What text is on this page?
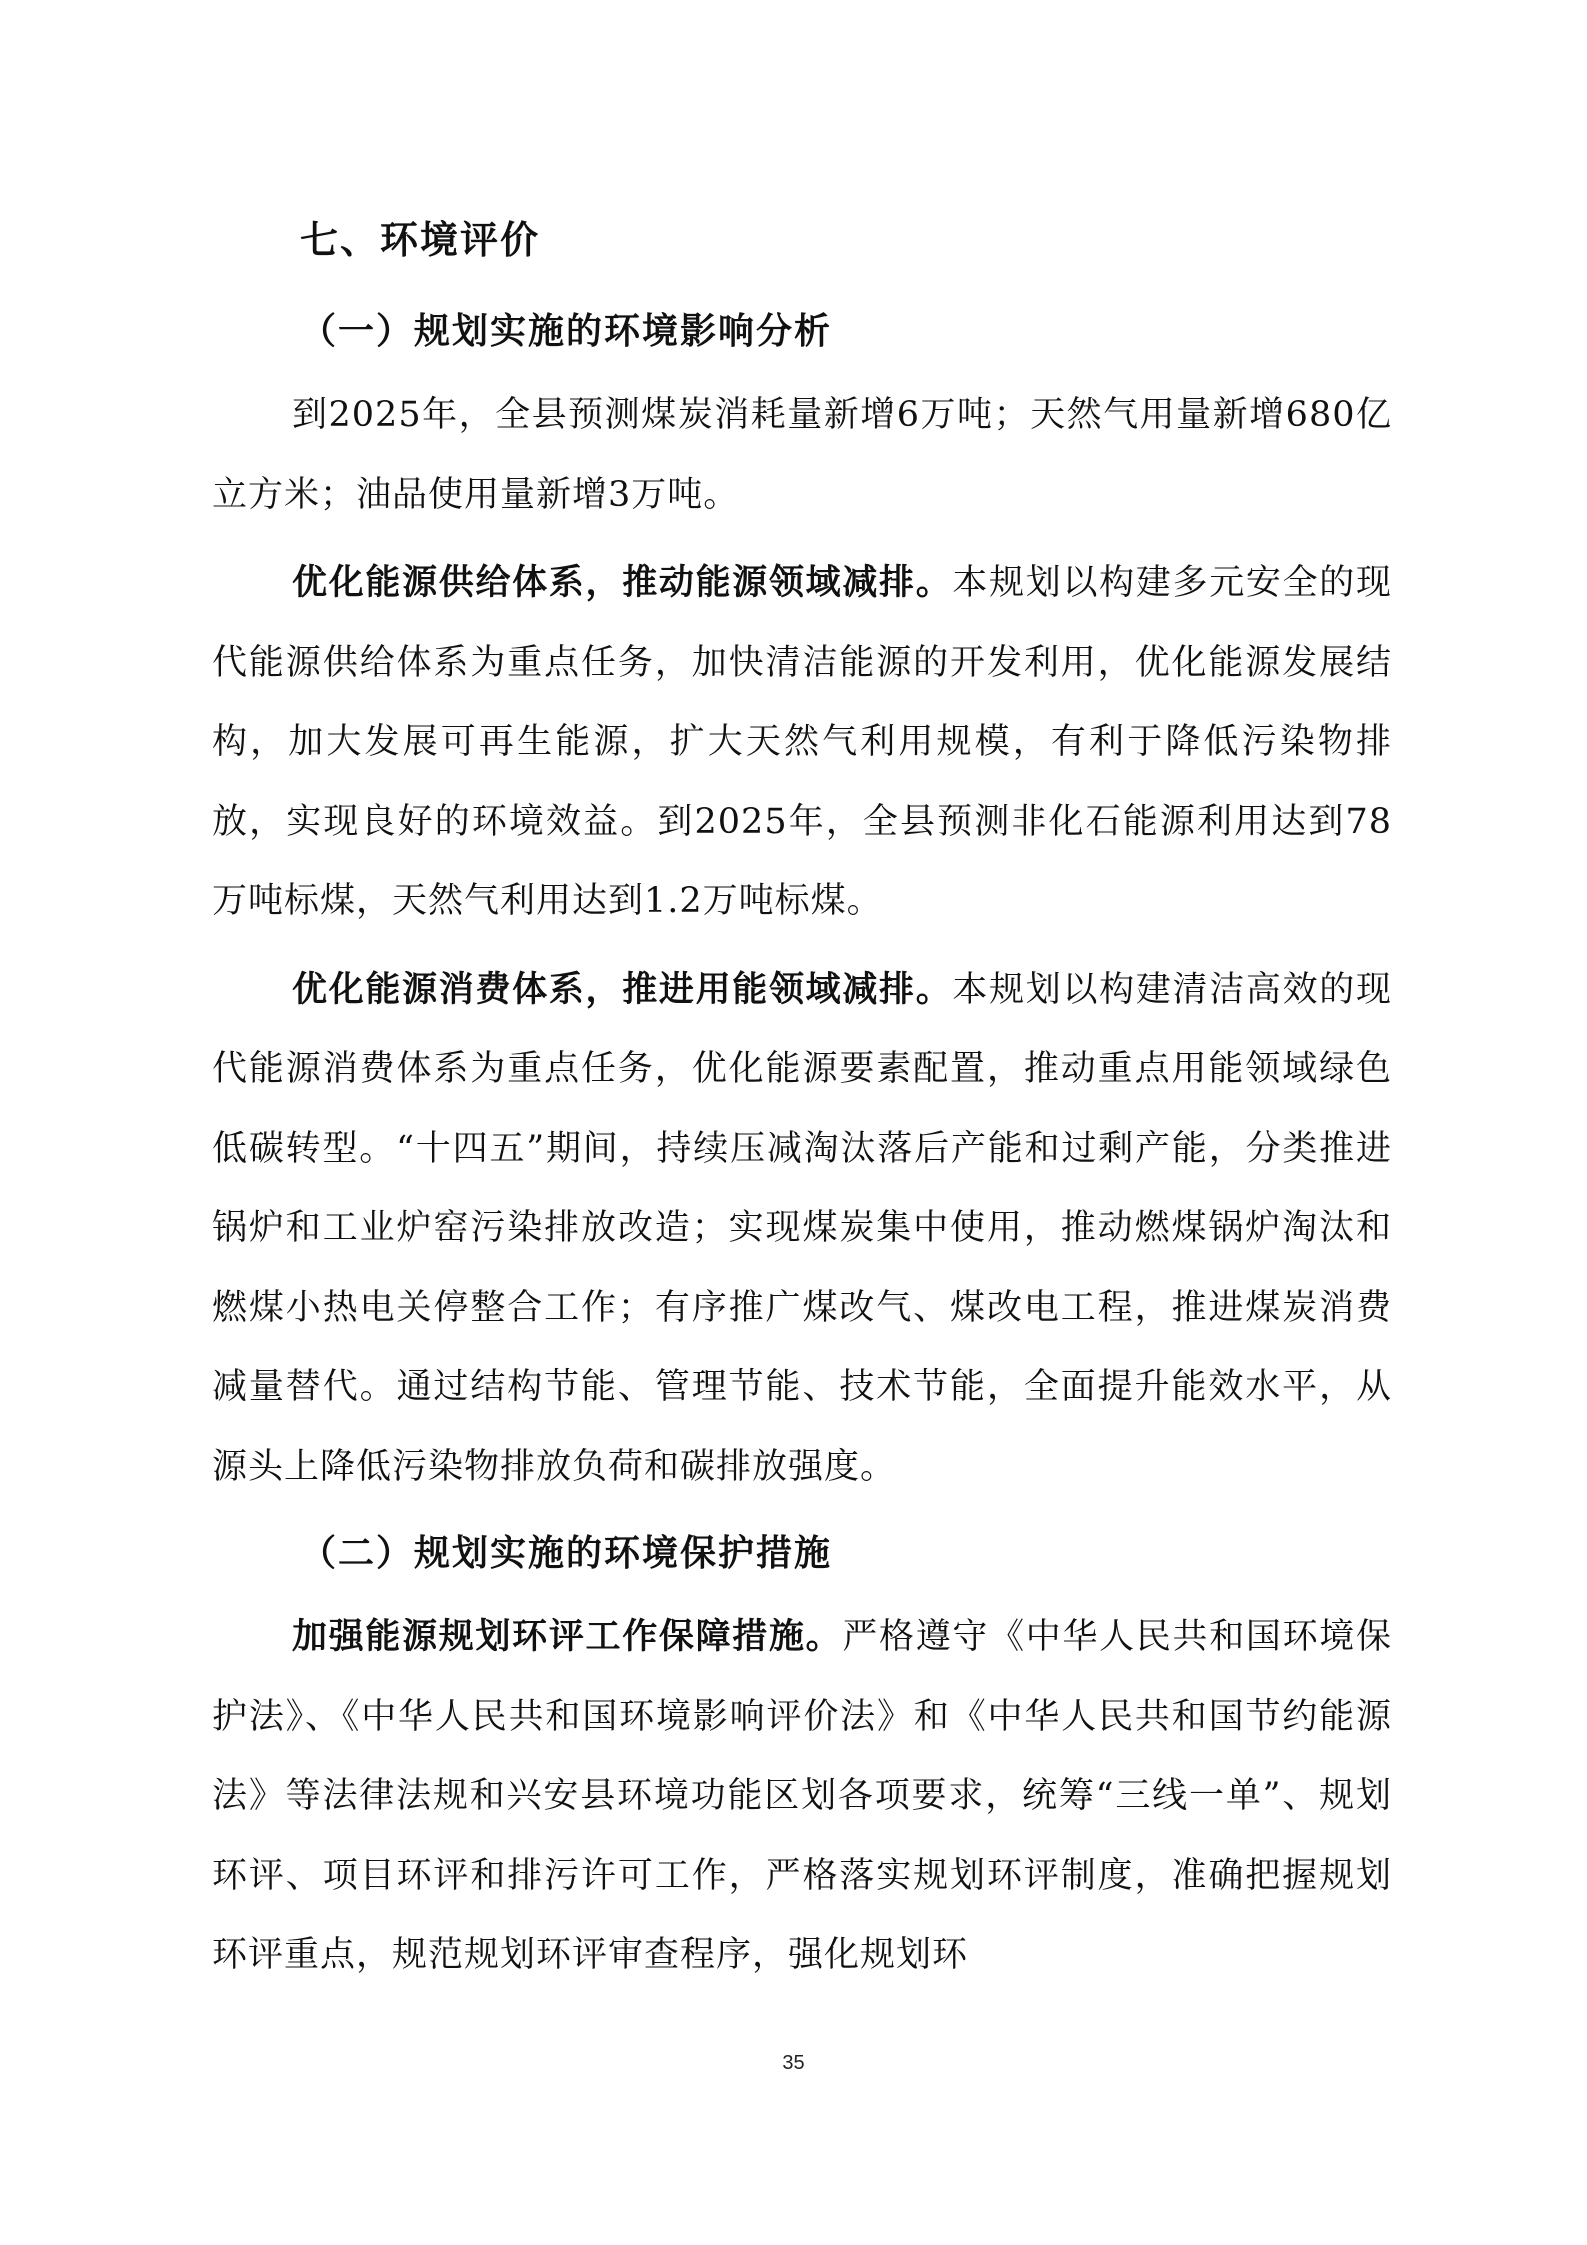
七、环境评价
（一）规划实施的环境影响分析

到2025年，全县预测煤炭消耗量新增6万吨；天然气用量新增680亿立方米；油品使用量新增3万吨。

优化能源供给体系，推动能源领域减排。本规划以构建多元安全的现代能源供给体系为重点任务，加快清洁能源的开发利用，优化能源发展结构，加大发展可再生能源，扩大天然气利用规模，有利于降低污染物排放，实现良好的环境效益。到2025年，全县预测非化石能源利用达到78万吨标煤，天然气利用达到1.2万吨标煤。

优化能源消费体系，推进用能领域减排。本规划以构建清洁高效的现代能源消费体系为重点任务，优化能源要素配置，推动重点用能领域绿色低碳转型。“十四五”期间，持续压减淘汰落后产能和过剩产能，分类推进锅炉和工业炉窑污染排放改造；实现煤炭集中使用，推动燃煤锅炉淘汰和燃煤小热电关停整合工作；有序推广煤改气、煤改电工程，推进煤炭消费减量替代。通过结构节能、管理节能、技术节能，全面提升能效水平，从源头上降低污染物排放负荷和碳排放强度。

（二）规划实施的环境保护措施

加强能源规划环评工作保障措施。严格遵守《中华人民共和国环境保护法》、《中华人民共和国环境影响评价法》和《中华人民共和国节约能源法》等法律法规和兴安县环境功能区划各项要求，统筹“三线一单”、规划环评、项目环评和排污许可工作，严格落实规划环评制度，准确把握规划环评重点，规范规划环评审查程序，强化规划环

35
